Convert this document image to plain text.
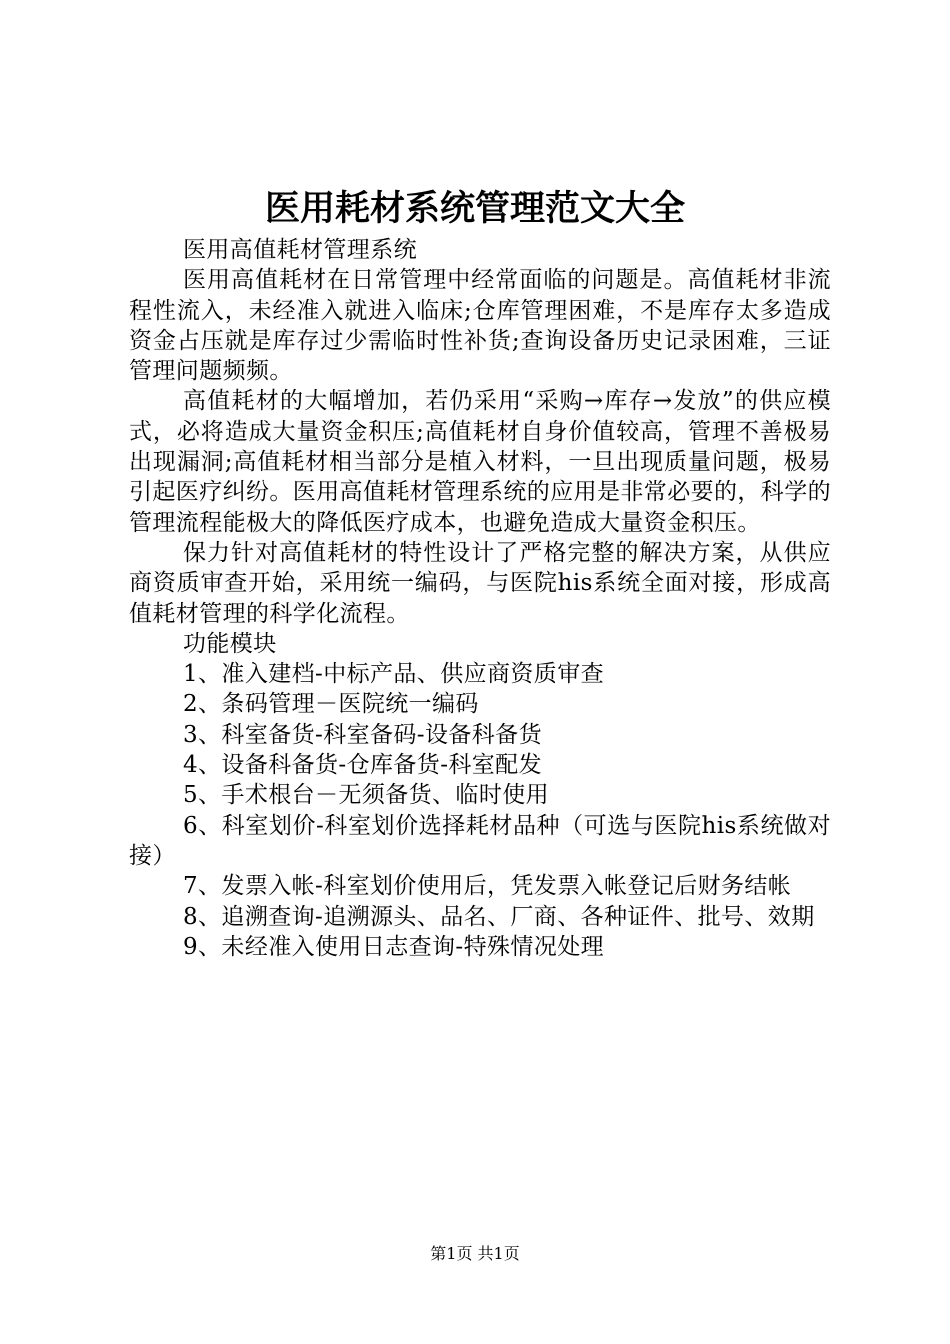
医用耗材系统管理范文大全

医用高值耗材管理系统

医用高值耗材在日常管理中经常面临的问题是。高值耗材非流程性流入，未经准入就进入临床;仓库管理困难，不是库存太多造成资金占压就是库存过少需临时性补货;查询设备历史记录困难，三证管理问题频频。

高值耗材的大幅增加，若仍采用“采购→库存→发放”的供应模式，必将造成大量资金积压;高值耗材自身价值较高，管理不善极易出现漏洞;高值耗材相当部分是植入材料，一旦出现质量问题，极易引起医疗纠纷。医用高值耗材管理系统的应用是非常必要的，科学的管理流程能极大的降低医疗成本，也避免造成大量资金积压。

保力针对高值耗材的特性设计了严格完整的解决方案，从供应商资质审查开始，采用统一编码，与医院his系统全面对接，形成高值耗材管理的科学化流程。

功能模块

1、准入建档-中标产品、供应商资质审查

2、条码管理－医院统一编码

3、科室备货-科室备码-设备科备货

4、设备科备货-仓库备货-科室配发

5、手术根台－无须备货、临时使用

6、科室划价-科室划价选择耗材品种（可选与医院his系统做对接）

7、发票入帐-科室划价使用后，凭发票入帐登记后财务结帐

8、追溯查询-追溯源头、品名、厂商、各种证件、批号、效期

9、未经准入使用日志查询-特殊情况处理

第1页 共1页
